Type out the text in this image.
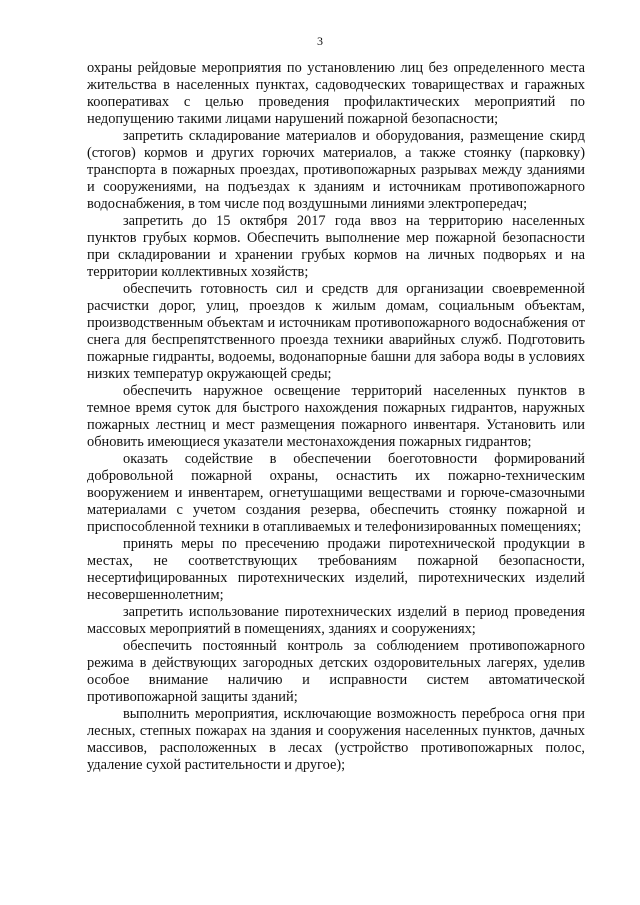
3

охраны рейдовые мероприятия по установлению лиц без определенного места жительства в населенных пунктах, садоводческих товариществах и гаражных кооперативах с целью проведения профилактических мероприятий по недопущению такими лицами нарушений пожарной безопасности;

запретить складирование материалов и оборудования, размещение скирд (стогов) кормов и других горючих материалов, а также стоянку (парковку) транспорта в пожарных проездах, противопожарных разрывах между зданиями и сооружениями, на подъездах к зданиям и источникам противопожарного водоснабжения, в том числе под воздушными линиями электропередач;

запретить до 15 октября 2017 года ввоз на территорию населенных пунктов грубых кормов. Обеспечить выполнение мер пожарной безопасности при складировании и хранении грубых кормов на личных подворьях и на территории коллективных хозяйств;

обеспечить готовность сил и средств для организации своевременной расчистки дорог, улиц, проездов к жилым домам, социальным объектам, производственным объектам и источникам противопожарного водоснабжения от снега для беспрепятственного проезда техники аварийных служб. Подготовить пожарные гидранты, водоемы, водонапорные башни для забора воды в условиях низких температур окружающей среды;

обеспечить наружное освещение территорий населенных пунктов в темное время суток для быстрого нахождения пожарных гидрантов, наружных пожарных лестниц и мест размещения пожарного инвентаря. Установить или обновить имеющиеся указатели местонахождения пожарных гидрантов;

оказать содействие в обеспечении боеготовности формирований добровольной пожарной охраны, оснастить их пожарно-техническим вооружением и инвентарем, огнетушащими веществами и горюче-смазочными материалами с учетом создания резерва, обеспечить стоянку пожарной и приспособленной техники в отапливаемых и телефонизированных помещениях;

принять меры по пресечению продажи пиротехнической продукции в местах, не соответствующих требованиям пожарной безопасности, несертифицированных пиротехнических изделий, пиротехнических изделий несовершеннолетним;

запретить использование пиротехнических изделий в период проведения массовых мероприятий в помещениях, зданиях и сооружениях;

обеспечить постоянный контроль за соблюдением противопожарного режима в действующих загородных детских оздоровительных лагерях, уделив особое внимание наличию и исправности систем автоматической противопожарной защиты зданий;

выполнить мероприятия, исключающие возможность переброса огня при лесных, степных пожарах на здания и сооружения населенных пунктов, дачных массивов, расположенных в лесах (устройство противопожарных полос, удаление сухой растительности и другое);
